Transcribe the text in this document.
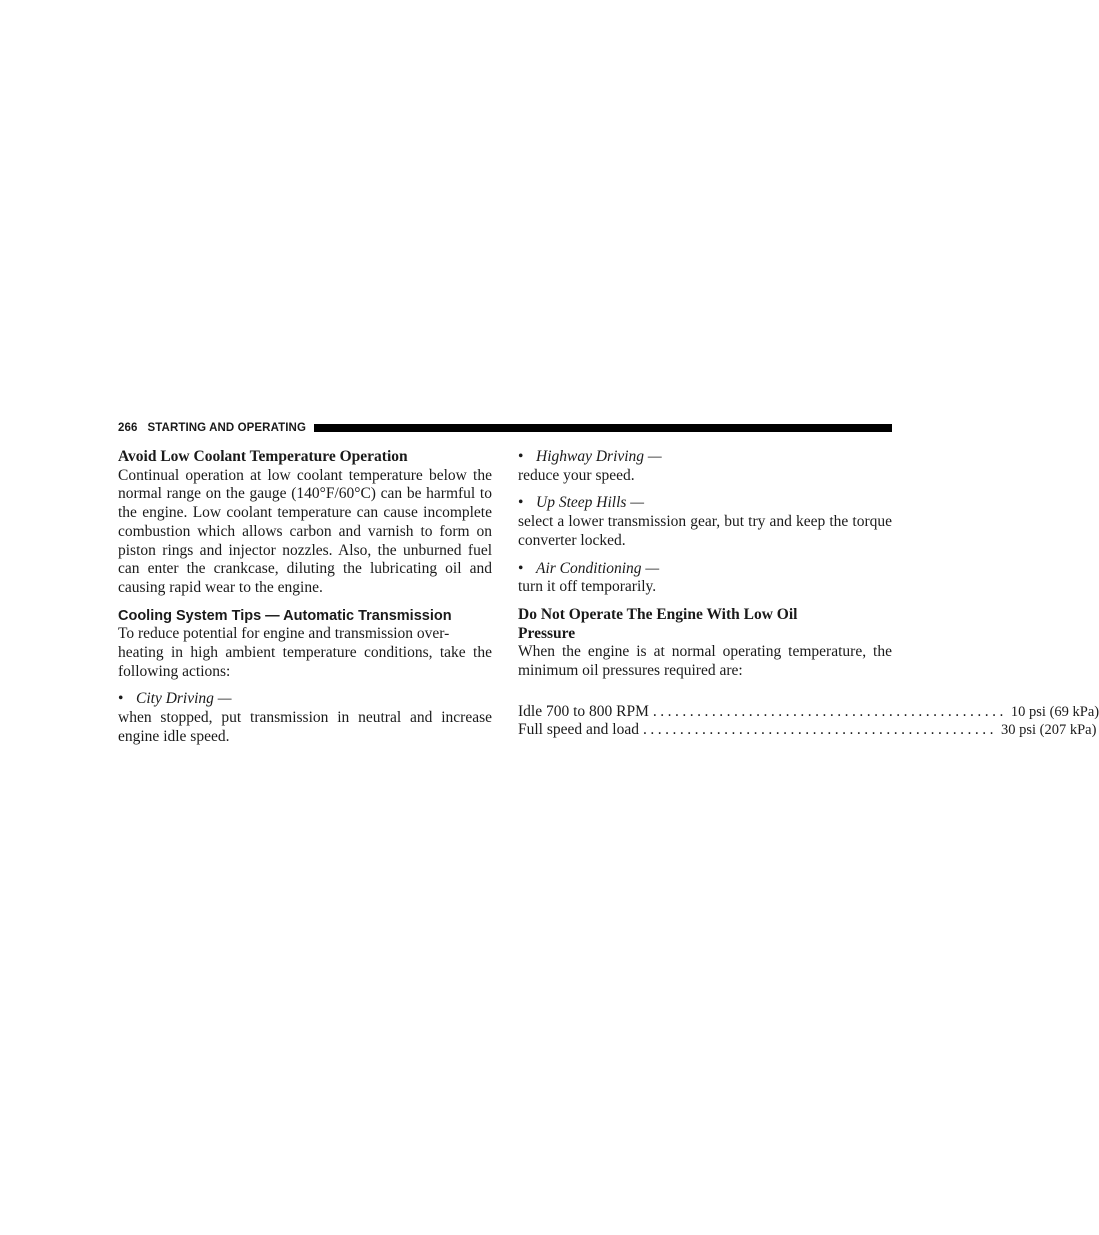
266 STARTING AND OPERATING
Avoid Low Coolant Temperature Operation
Continual operation at low coolant temperature below the normal range on the gauge (140°F/60°C) can be harmful to the engine. Low coolant temperature can cause incomplete combustion which allows carbon and varnish to form on piston rings and injector nozzles. Also, the unburned fuel can enter the crankcase, diluting the lubricating oil and causing rapid wear to the engine.
Cooling System Tips — Automatic Transmission
To reduce potential for engine and transmission over-
heating in high ambient temperature conditions, take the following actions:
• City Driving —
when stopped, put transmission in neutral and increase engine idle speed.
• Highway Driving —
reduce your speed.
• Up Steep Hills —
select a lower transmission gear, but try and keep the torque converter locked.
• Air Conditioning —
turn it off temporarily.
Do Not Operate The Engine With Low Oil Pressure
When the engine is at normal operating temperature, the minimum oil pressures required are:
Idle 700 to 800 RPM ................................................ 10 psi (69 kPa)
Full speed and load ................................................ 30 psi (207 kPa)
